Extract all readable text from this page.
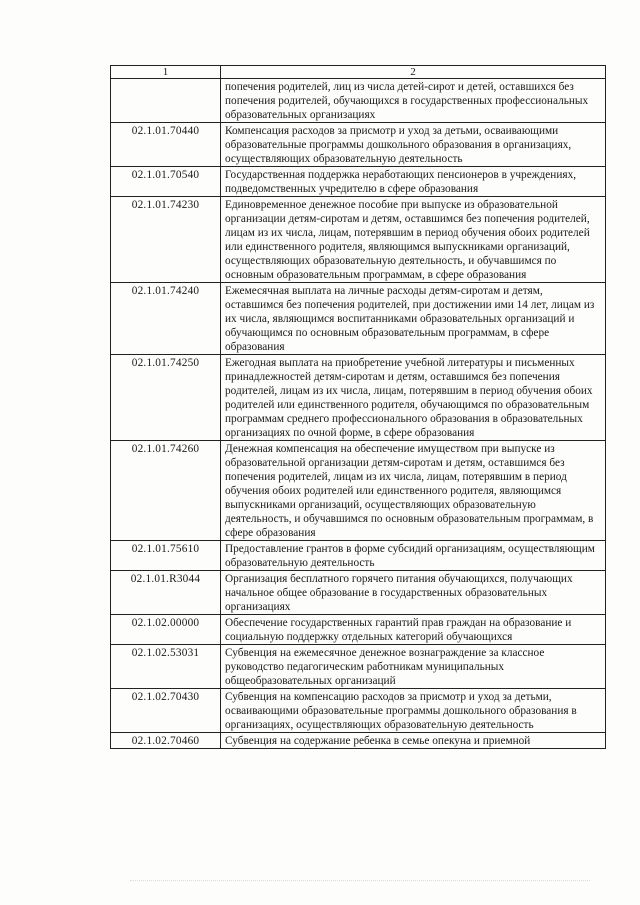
1	2
	попечения родителей, лиц из числа детей-сирот и детей, оставшихся без попечения родителей, обучающихся в государственных профессиональных образовательных организациях
02.1.01.70440	Компенсация расходов за присмотр и уход за детьми, осваивающими образовательные программы дошкольного образования в организациях, осуществляющих образовательную деятельность
02.1.01.70540	Государственная поддержка неработающих пенсионеров в учреждениях, подведомственных учредителю в сфере образования
02.1.01.74230	Единовременное денежное пособие при выпуске из образовательной организации детям-сиротам и детям, оставшимся без попечения родителей, лицам из их числа, лицам, потерявшим в период обучения обоих родителей или единственного родителя, являющимся выпускниками организаций, осуществляющих образовательную деятельность, и обучавшимся по основным образовательным программам, в сфере образования
02.1.01.74240	Ежемесячная выплата на личные расходы детям-сиротам и детям, оставшимся без попечения родителей, при достижении ими 14 лет, лицам из их числа, являющимся воспитанниками образовательных организаций и обучающимся по основным образовательным программам, в сфере образования
02.1.01.74250	Ежегодная выплата на приобретение учебной литературы и письменных принадлежностей детям-сиротам и детям, оставшимся без попечения родителей, лицам из их числа, лицам, потерявшим в период обучения обоих родителей или единственного родителя, обучающимся по образовательным программам среднего профессионального образования в образовательных организациях по очной форме, в сфере образования
02.1.01.74260	Денежная компенсация на обеспечение имуществом при выпуске из образовательной организации детям-сиротам и детям, оставшимся без попечения родителей, лицам из их числа, лицам, потерявшим в период обучения обоих родителей или единственного родителя, являющимся выпускниками организаций, осуществляющих образовательную деятельность, и обучавшимся по основным образовательным программам, в сфере образования
02.1.01.75610	Предоставление грантов в форме субсидий организациям, осуществляющим образовательную деятельность
02.1.01.R3044	Организация бесплатного горячего питания обучающихся, получающих начальное общее образование в государственных образовательных организациях
02.1.02.00000	Обеспечение государственных гарантий прав граждан на образование и социальную поддержку отдельных категорий обучающихся
02.1.02.53031	Субвенция на ежемесячное денежное вознаграждение за классное руководство педагогическим работникам муниципальных общеобразовательных организаций
02.1.02.70430	Субвенция на компенсацию расходов за присмотр и уход за детьми, осваивающими образовательные программы дошкольного образования в организациях, осуществляющих образовательную деятельность
02.1.02.70460	Субвенция на содержание ребенка в семье опекуна и приемной
